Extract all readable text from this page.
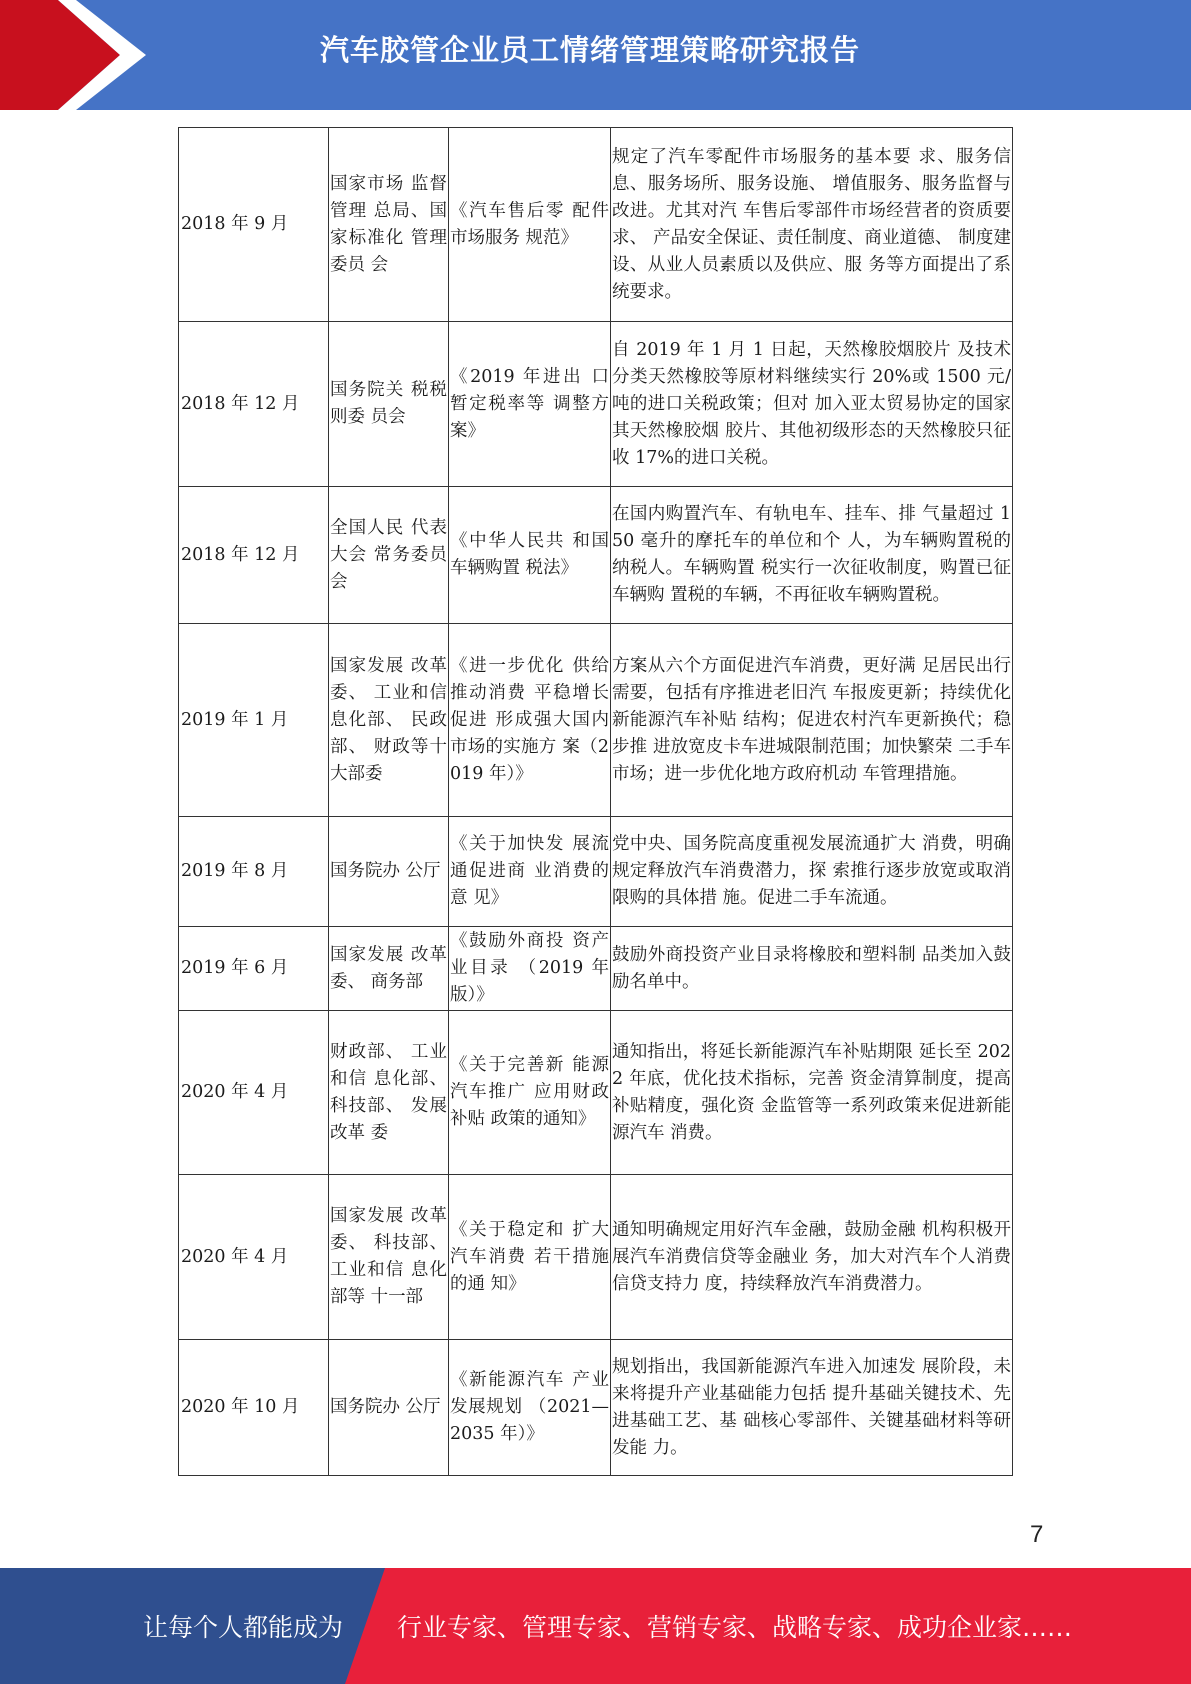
汽车胶管企业员工情绪管理策略研究报告
2018 年 9 月	国家市场 监督管理 总局、国 家标准化 管理委员 会	《汽车售后零 配件市场服务 规范》	规定了汽车零配件市场服务的基本要 求、服务信息、服务场所、服务设施、 增值服务、服务监督与改进。尤其对汽 车售后零部件市场经营者的资质要求、 产品安全保证、责任制度、商业道德、 制度建设、从业人员素质以及供应、服 务等方面提出了系统要求。
2018 年 12 月	国务院关 税税则委 员会	《2019 年进出 口暂定税率等 调整方案》	自 2019 年 1 月 1 日起，天然橡胶烟胶片 及技术分类天然橡胶等原材料继续实行 20%或 1500 元/吨的进口关税政策；但对 加入亚太贸易协定的国家其天然橡胶烟 胶片、其他初级形态的天然橡胶只征收 17%的进口关税。
2018 年 12 月	全国人民 代表大会 常务委员 会	《中华人民共 和国车辆购置 税法》	在国内购置汽车、有轨电车、挂车、排 气量超过 150 毫升的摩托车的单位和个 人，为车辆购置税的纳税人。车辆购置 税实行一次征收制度，购置已征车辆购 置税的车辆，不再征收车辆购置税。
2019 年 1 月	国家发展 改革委、 工业和信 息化部、 民政部、 财政等十 大部委	《进一步优化 供给推动消费 平稳增长促进 形成强大国内 市场的实施方 案（2019 年）》	方案从六个方面促进汽车消费，更好满 足居民出行需要，包括有序推进老旧汽 车报废更新；持续优化新能源汽车补贴 结构；促进农村汽车更新换代；稳步推 进放宽皮卡车进城限制范围；加快繁荣 二手车市场；进一步优化地方政府机动 车管理措施。
2019 年 8 月	国务院办 公厅	《关于加快发 展流通促进商 业消费的意 见》	党中央、国务院高度重视发展流通扩大 消费，明确规定释放汽车消费潜力，探 索推行逐步放宽或取消限购的具体措 施。促进二手车流通。
2019 年 6 月	国家发展 改革委、 商务部	《鼓励外商投 资产业目录 （2019 年版）》	鼓励外商投资产业目录将橡胶和塑料制 品类加入鼓励名单中。
2020 年 4 月	财政部、 工业和信 息化部、 科技部、 发展改革 委	《关于完善新 能源汽车推广 应用财政补贴 政策的通知》	通知指出，将延长新能源汽车补贴期限 延长至 2022 年底，优化技术指标，完善 资金清算制度，提高补贴精度，强化资 金监管等一系列政策来促进新能源汽车 消费。
2020 年 4 月	国家发展 改革委、 科技部、 工业和信 息化部等 十一部	《关于稳定和 扩大汽车消费 若干措施的通 知》	通知明确规定用好汽车金融，鼓励金融 机构积极开展汽车消费信贷等金融业 务，加大对汽车个人消费信贷支持力 度，持续释放汽车消费潜力。
2020 年 10 月	国务院办 公厅	《新能源汽车 产业发展规划 （2021—2035 年）》	规划指出，我国新能源汽车进入加速发 展阶段，未来将提升产业基础能力包括 提升基础关键技术、先进基础工艺、基 础核心零部件、关键基础材料等研发能 力。
7
让每个人都能成为 行业专家、管理专家、营销专家、战略专家、成功企业家……
